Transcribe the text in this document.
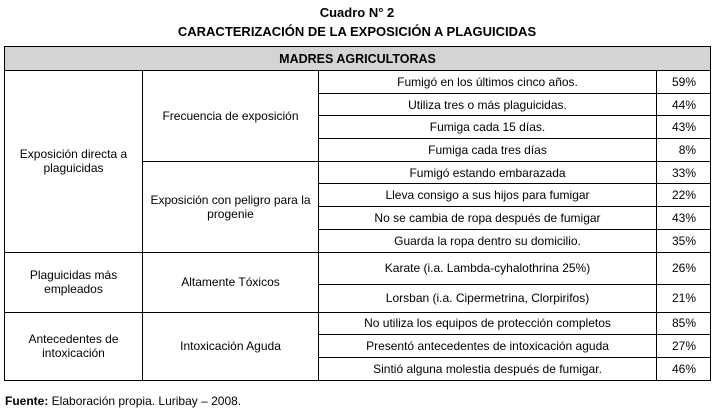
Cuadro N° 2
CARACTERIZACIÓN DE LA EXPOSICIÓN A PLAGUICIDAS
MADRES AGRICULTORAS			
Exposición directa a plaguicidas	Frecuencia de exposición	Fumigó en los últimos cinco años.	59%
		Utiliza tres o más plaguicidas.	44%
		Fumiga cada 15 días.	43%
		Fumiga cada tres días	8%
	Exposición con peligro para la progenie	Fumigó estando embarazada	33%
		Lleva consigo a sus hijos para fumigar	22%
		No se cambia de ropa después de fumigar	43%
		Guarda la ropa dentro su domicilio.	35%
Plaguicidas más empleados	Altamente Tóxicos	Karate (i.a. Lambda-cyhalothrina 25%)	26%
		Lorsban (i.a. Cipermetrina, Clorpirifos)	21%
Antecedentes de intoxicación	Intoxicación Aguda	No utiliza los equipos de protección completos	85%
		Presentó antecedentes de intoxicación aguda	27%
		Sintió alguna molestia después de fumigar.	46%
Fuente: Elaboración propia. Luribay – 2008.
